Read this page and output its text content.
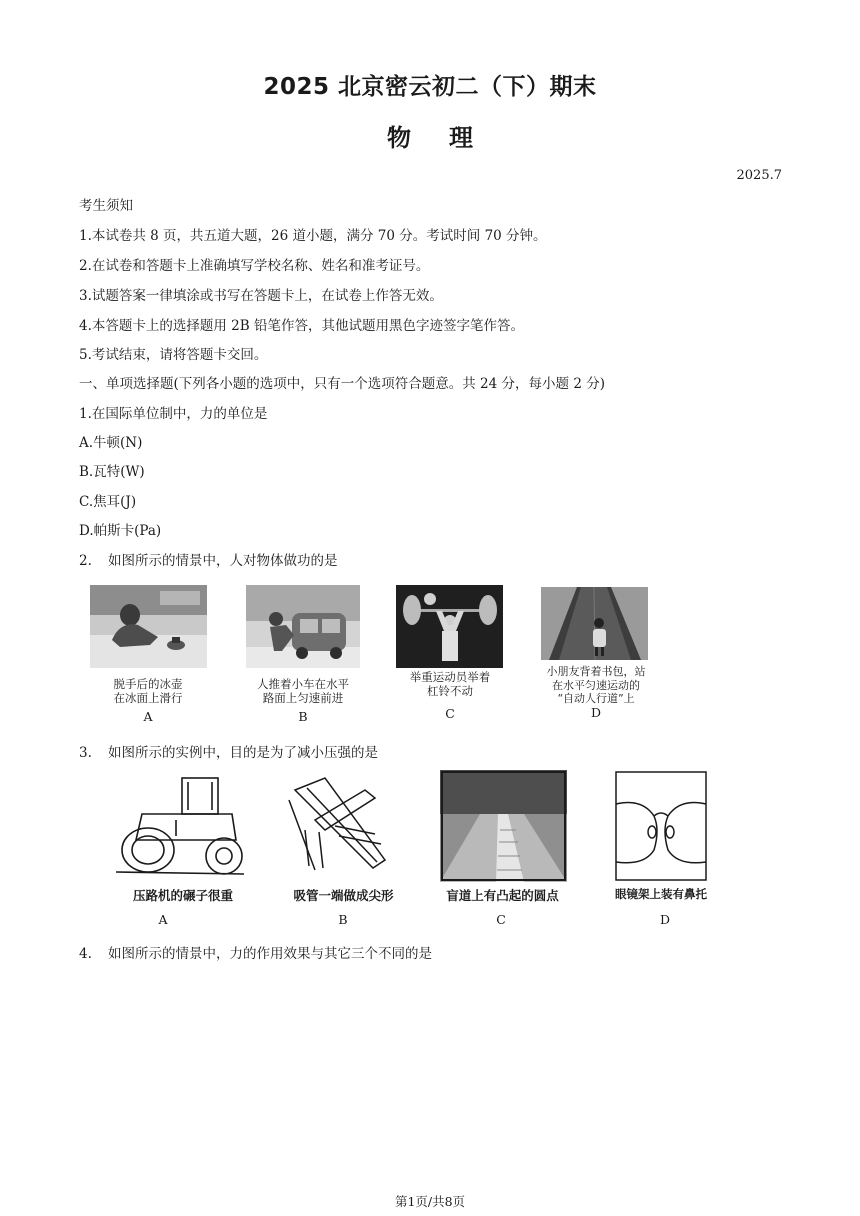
2025 北京密云初二（下）期末
物理
2025.7
考生须知
1.本试卷共 8 页，共五道大题，26 道小题，满分 70 分。考试时间 70 分钟。
2.在试卷和答题卡上准确填写学校名称、姓名和准考证号。
3.试题答案一律填涂或书写在答题卡上，在试卷上作答无效。
4.本答题卡上的选择题用 2B 铅笔作答，其他试题用黑色字迹签字笔作答。
5.考试结束，请将答题卡交回。
一、单项选择题(下列各小题的选项中，只有一个选项符合题意。共 24 分，每小题 2 分)
1.在国际单位制中，力的单位是
A.牛顿(N)
B.瓦特(W)
C.焦耳(J)
D.帕斯卡(Pa)
2. 如图所示的情景中，人对物体做功的是
脱手后的冰壶
在冰面上滑行
A
人推着小车在水平
路面上匀速前进
B
举重运动员举着
杠铃不动
C
小朋友背着书包，站
在水平匀速运动的
“自动人行道”上
D
3. 如图所示的实例中，目的是为了减小压强的是
压路机的碾子很重
A
吸管一端做成尖形
B
盲道上有凸起的圆点
C
眼镜架上装有鼻托
D
4. 如图所示的情景中，力的作用效果与其它三个不同的是
第1页/共8页
